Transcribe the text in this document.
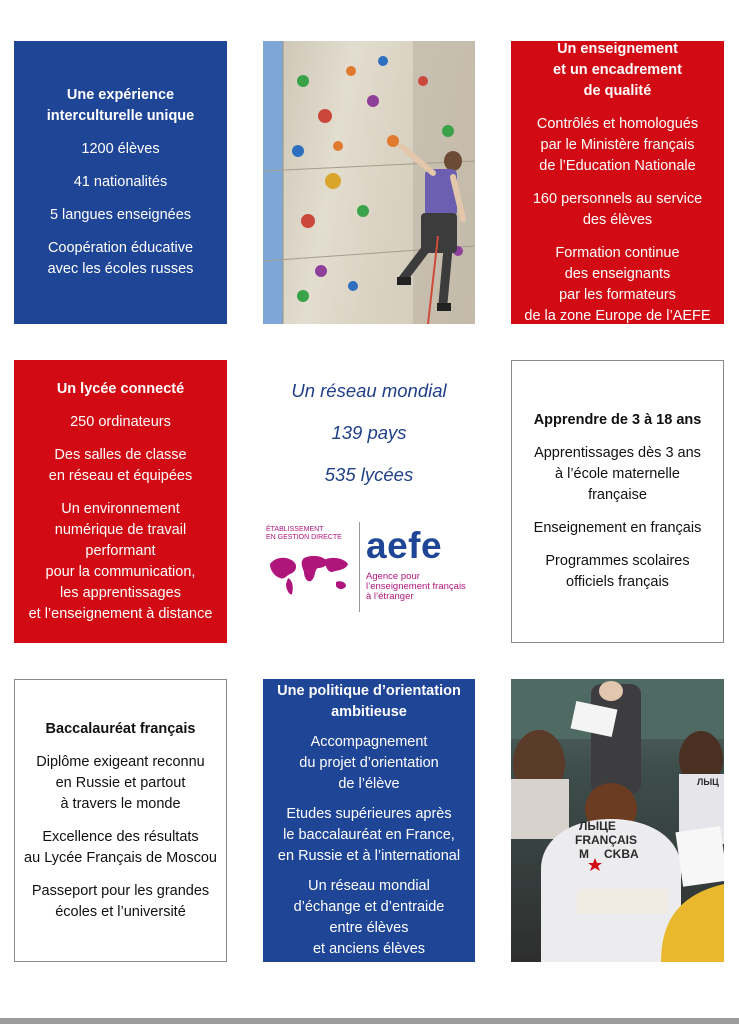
Une expérience
interculturelle unique
1200 élèves
41 nationalités
5 langues enseignées
Coopération éducative
avec les écoles russes
Un enseignement
et un encadrement
de qualité
Contrôlés et homologués
par le Ministère français
de l’Education Nationale
160 personnels au service
des élèves
Formation continue
des enseignants
par les formateurs
de la zone Europe de l’AEFE
Un lycée connecté
250 ordinateurs
Des salles de classe
en réseau et équipées
Un environnement
numérique de travail
performant
pour la communication,
les apprentissages
et l’enseignement à distance
Un réseau mondial
139 pays
535 lycées
ÉTABLISSEMENT
EN GESTION DIRECTE aefe
Agence pour
l’enseignement français
à l’étranger
Apprendre de 3 à 18 ans
Apprentissages dès 3 ans
à l’école maternelle
française
Enseignement en français
Programmes scolaires
officiels français
Baccalauréat français
Diplôme exigeant reconnu
en Russie et partout
à travers le monde
Excellence des résultats
au Lycée Français de Moscou
Passeport pour les grandes
écoles et l’université
Une politique d’orientation
ambitieuse
Accompagnement
du projet d’orientation
de l’élève
Etudes supérieures après
le baccalauréat en France,
en Russie et à l’international
Un réseau mondial
d’échange et d’entraide
entre élèves
et anciens élèves
ЛЫЦЕ
FRANÇAIS
M CKBA
ЛЫЦ
